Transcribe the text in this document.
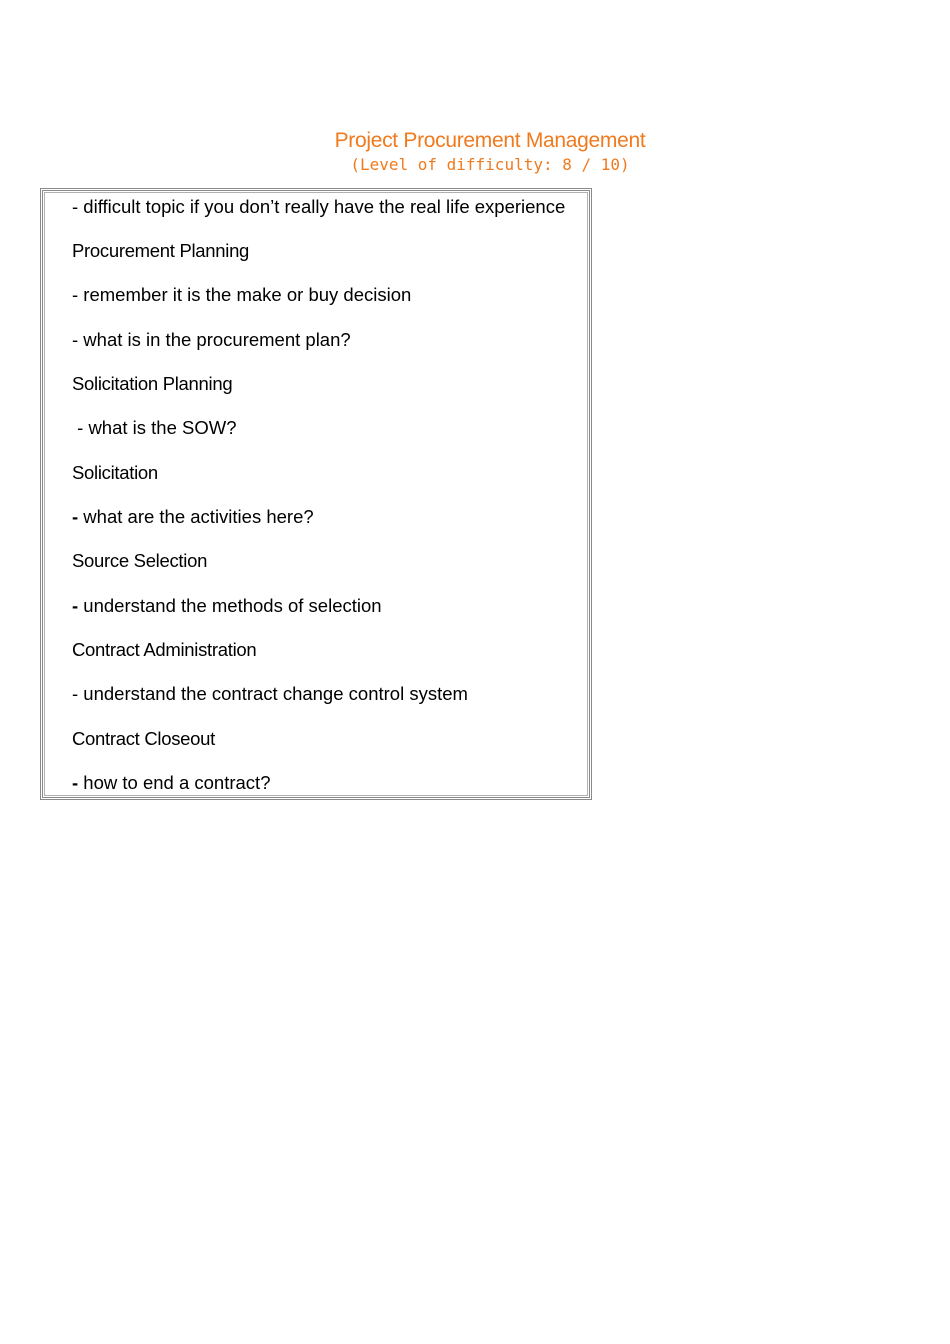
Project Procurement Management
(Level of difficulty: 8 / 10)
- difficult topic if you don’t really have the real life experience
Procurement Planning
- remember it is the make or buy decision
- what is in the procurement plan?
Solicitation Planning
- what is the SOW?
Solicitation
- what are the activities here?
Source Selection
- understand the methods of selection
Contract Administration
- understand the contract change control system
Contract Closeout
- how to end a contract?
